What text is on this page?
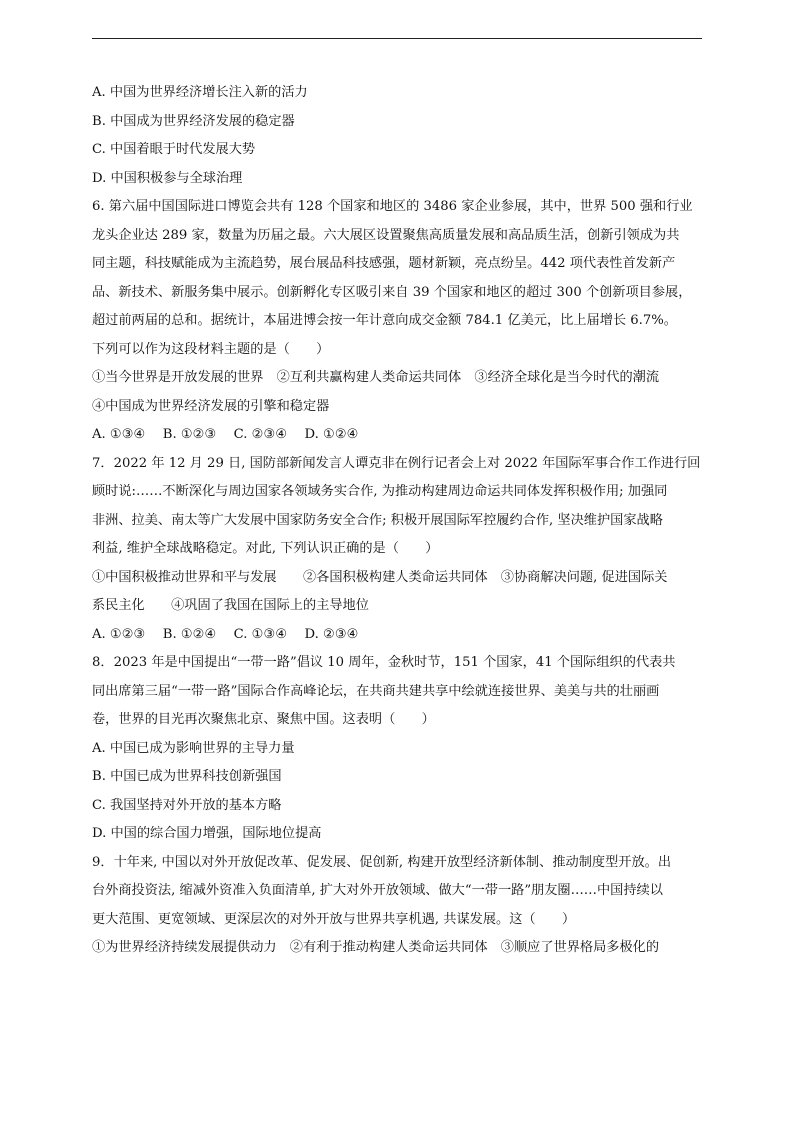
A. 中国为世界经济增长注入新的活力
B. 中国成为世界经济发展的稳定器
C. 中国着眼于时代发展大势
D. 中国积极参与全球治理
6. 第六届中国国际进口博览会共有 128 个国家和地区的 3486 家企业参展，其中，世界 500 强和行业
龙头企业达 289 家，数量为历届之最。六大展区设置聚焦高质量发展和高品质生活，创新引领成为共
同主题，科技赋能成为主流趋势，展台展品科技感强，题材新颖，亮点纷呈。442 项代表性首发新产
品、新技术、新服务集中展示。创新孵化专区吸引来自 39 个国家和地区的超过 300 个创新项目参展，
超过前两届的总和。据统计，本届进博会按一年计意向成交金额 784.1 亿美元，比上届增长 6.7%。
下列可以作为这段材料主题的是（　　）
①当今世界是开放发展的世界　②互利共赢构建人类命运共同体　③经济全球化是当今时代的潮流
④中国成为世界经济发展的引擎和稳定器
A. ①③④　 B. ①②③　 C. ②③④　 D. ①②④
7．2022 年 12 月 29 日, 国防部新闻发言人谭克非在例行记者会上对 2022 年国际军事合作工作进行回
顾时说:……不断深化与周边国家各领域务实合作, 为推动构建周边命运共同体发挥积极作用; 加强同
非洲、拉美、南太等广大发展中国家防务安全合作; 积极开展国际军控履约合作, 坚决维护国家战略
利益, 维护全球战略稳定。对此, 下列认识正确的是（　　）
①中国积极推动世界和平与发展　　②各国积极构建人类命运共同体　③协商解决问题, 促进国际关
系民主化　　④巩固了我国在国际上的主导地位
A. ①②③　 B. ①②④　 C. ①③④　 D. ②③④
8．2023 年是中国提出“一带一路”倡议 10 周年，金秋时节，151 个国家，41 个国际组织的代表共
同出席第三届“一带一路”国际合作高峰论坛，在共商共建共享中绘就连接世界、美美与共的壮丽画
卷，世界的目光再次聚焦北京、聚焦中国。这表明（　　）
A. 中国已成为影响世界的主导力量
B. 中国已成为世界科技创新强国
C. 我国坚持对外开放的基本方略
D. 中国的综合国力增强，国际地位提高
9．十年来, 中国以对外开放促改革、促发展、促创新, 构建开放型经济新体制、推动制度型开放。出
台外商投资法, 缩减外资准入负面清单, 扩大对外开放领域、做大“一带一路”朋友圈……中国持续以
更大范围、更宽领域、更深层次的对外开放与世界共享机遇, 共谋发展。这（　　）
①为世界经济持续发展提供动力　②有利于推动构建人类命运共同体　③顺应了世界格局多极化的
